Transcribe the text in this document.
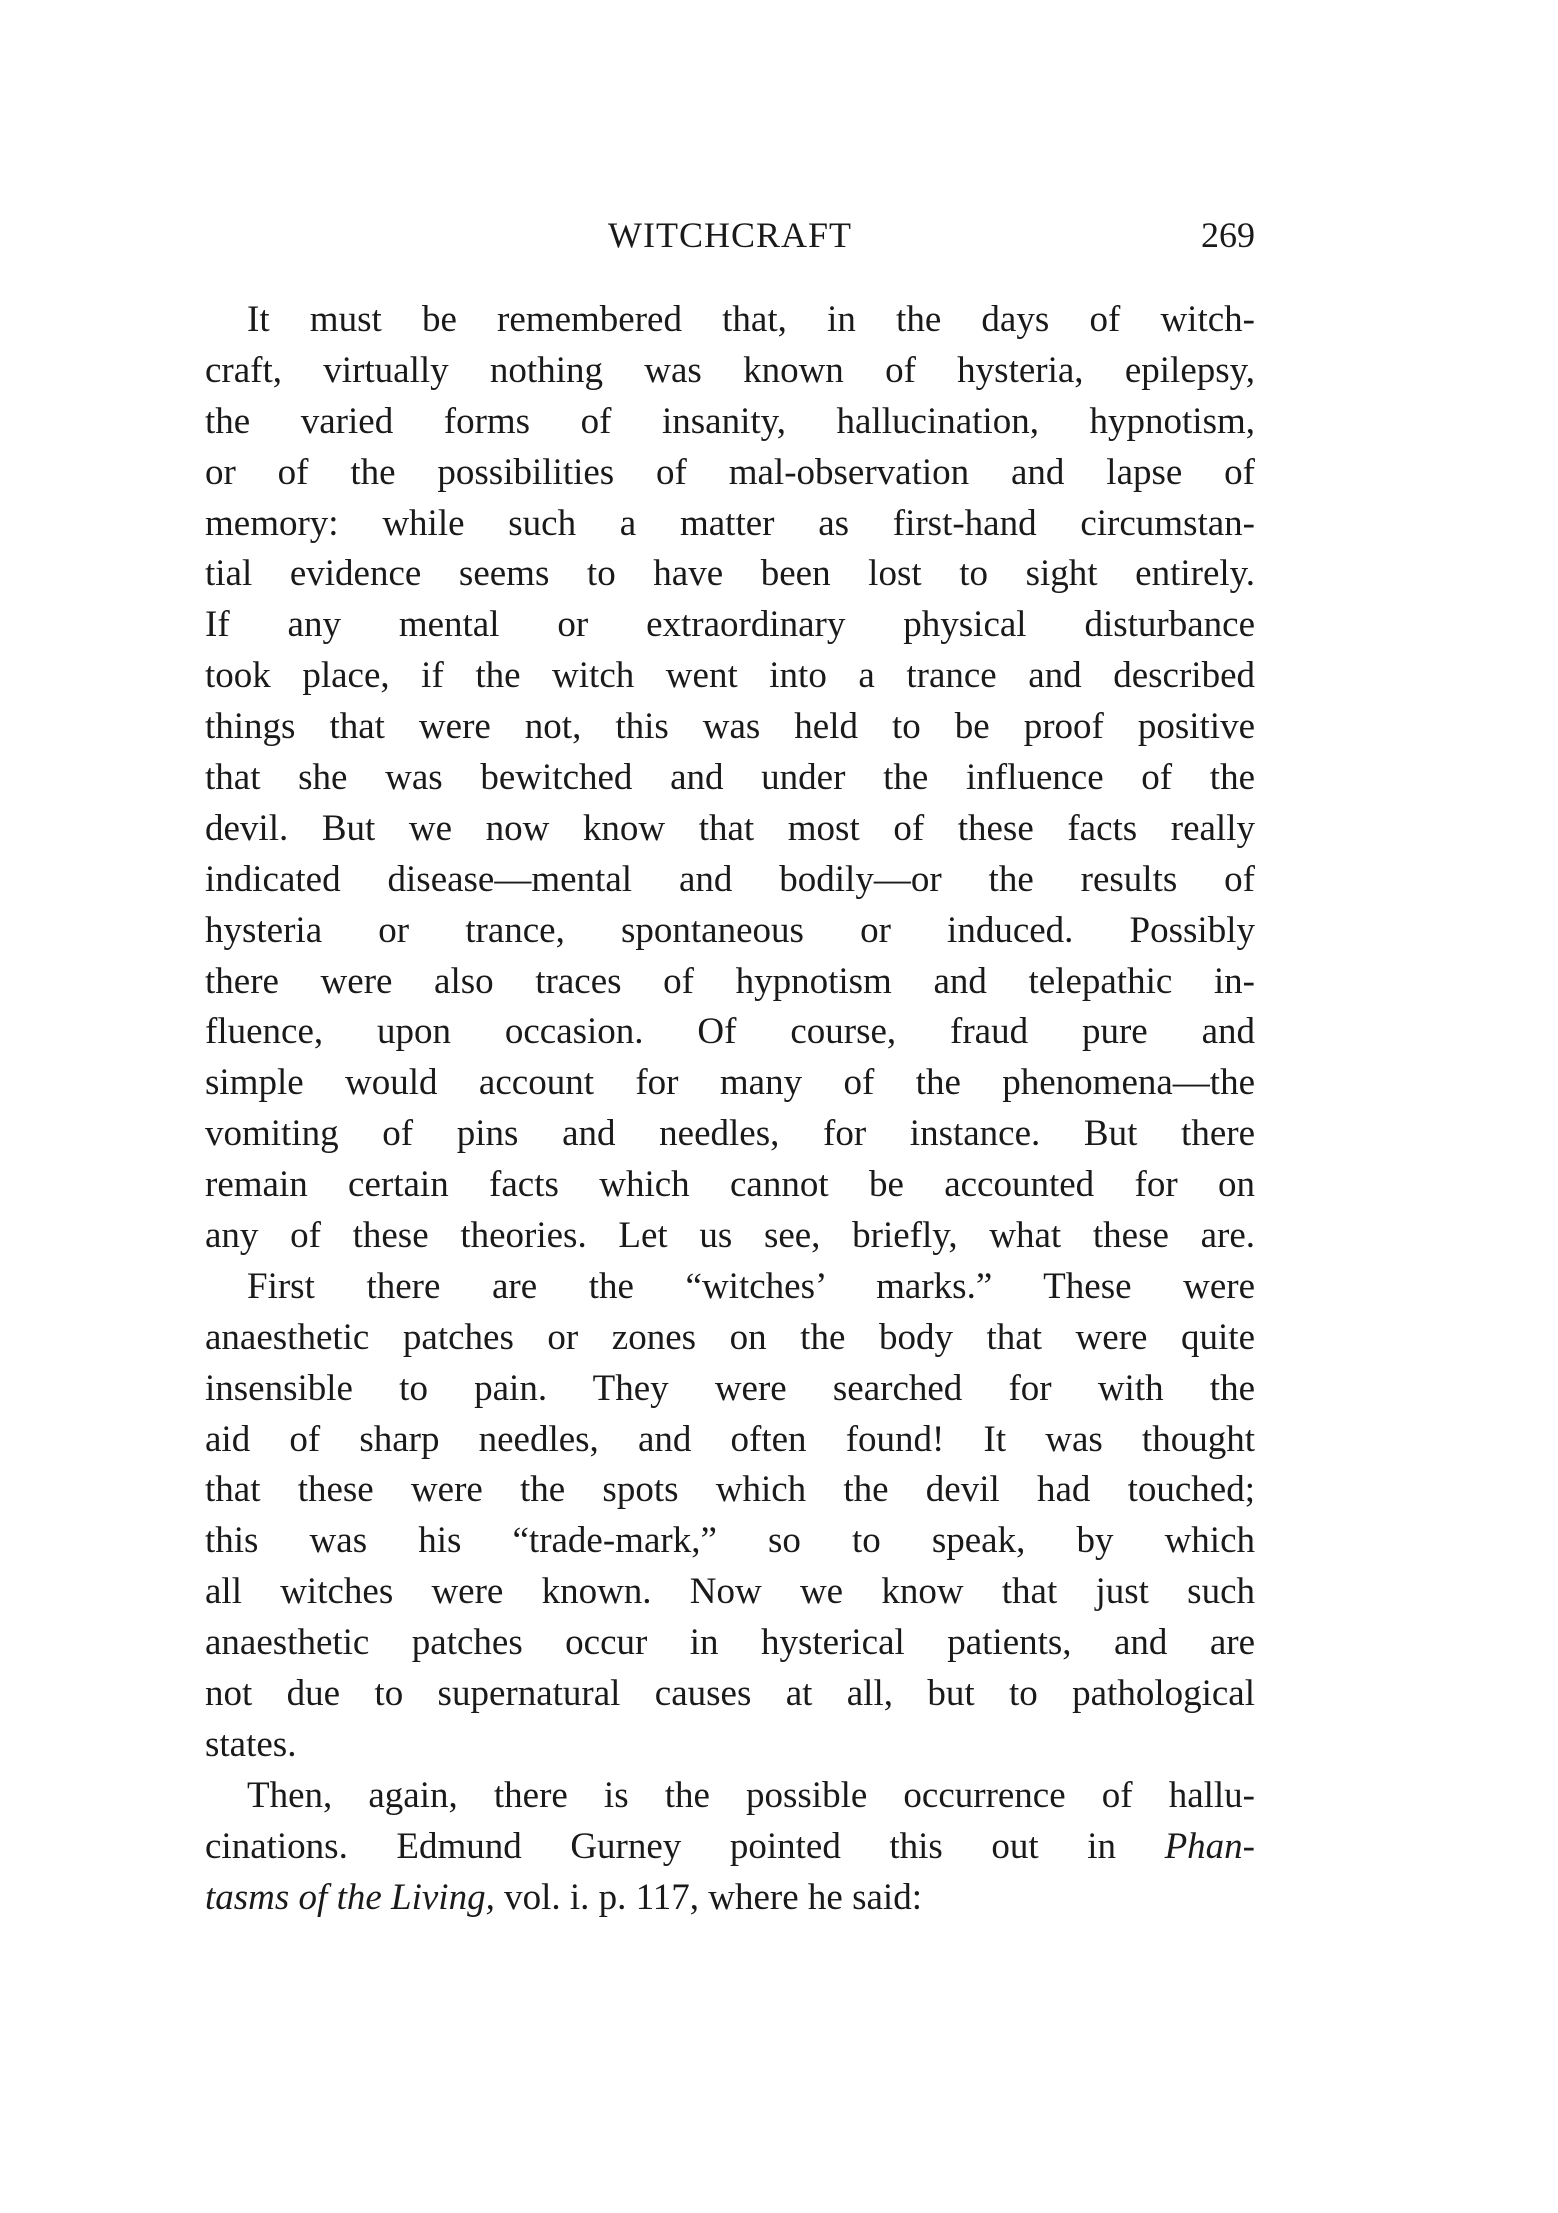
WITCHCRAFT	269
It must be remembered that, in the days of witch-
craft, virtually nothing was known of hysteria, epilepsy,
the varied forms of insanity, hallucination, hypnotism,
or of the possibilities of mal-observation and lapse of
memory: while such a matter as first-hand circumstan-
tial evidence seems to have been lost to sight entirely.
If any mental or extraordinary physical disturbance
took place, if the witch went into a trance and described
things that were not, this was held to be proof positive
that she was bewitched and under the influence of the
devil. But we now know that most of these facts really
indicated disease—mental and bodily—or the results of
hysteria or trance, spontaneous or induced. Possibly
there were also traces of hypnotism and telepathic in-
fluence, upon occasion. Of course, fraud pure and
simple would account for many of the phenomena—the
vomiting of pins and needles, for instance. But there
remain certain facts which cannot be accounted for on
any of these theories. Let us see, briefly, what these are.
First there are the “witches’ marks.” These were
anaesthetic patches or zones on the body that were quite
insensible to pain. They were searched for with the
aid of sharp needles, and often found! It was thought
that these were the spots which the devil had touched;
this was his “trade-mark,” so to speak, by which
all witches were known. Now we know that just such
anaesthetic patches occur in hysterical patients, and are
not due to supernatural causes at all, but to pathological
states.
Then, again, there is the possible occurrence of hallu-
cinations. Edmund Gurney pointed this out in Phan-
tasms of the Living, vol. i. p. 117, where he said:
